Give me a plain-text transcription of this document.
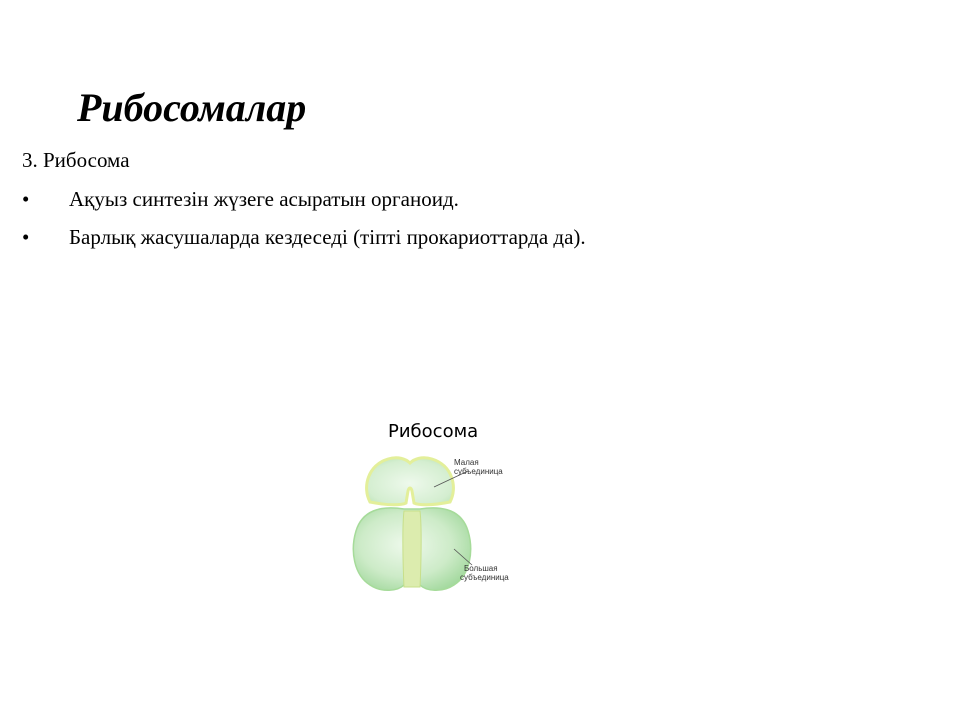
Рибосомалар
3. Рибосома
•	Ақуыз синтезін жүзеге асыратын органоид.
•	Барлық жасушаларда кездеседі (тіпті прокариоттарда да).
Рибосома
Малая
субъединица
Большая
субъединица
